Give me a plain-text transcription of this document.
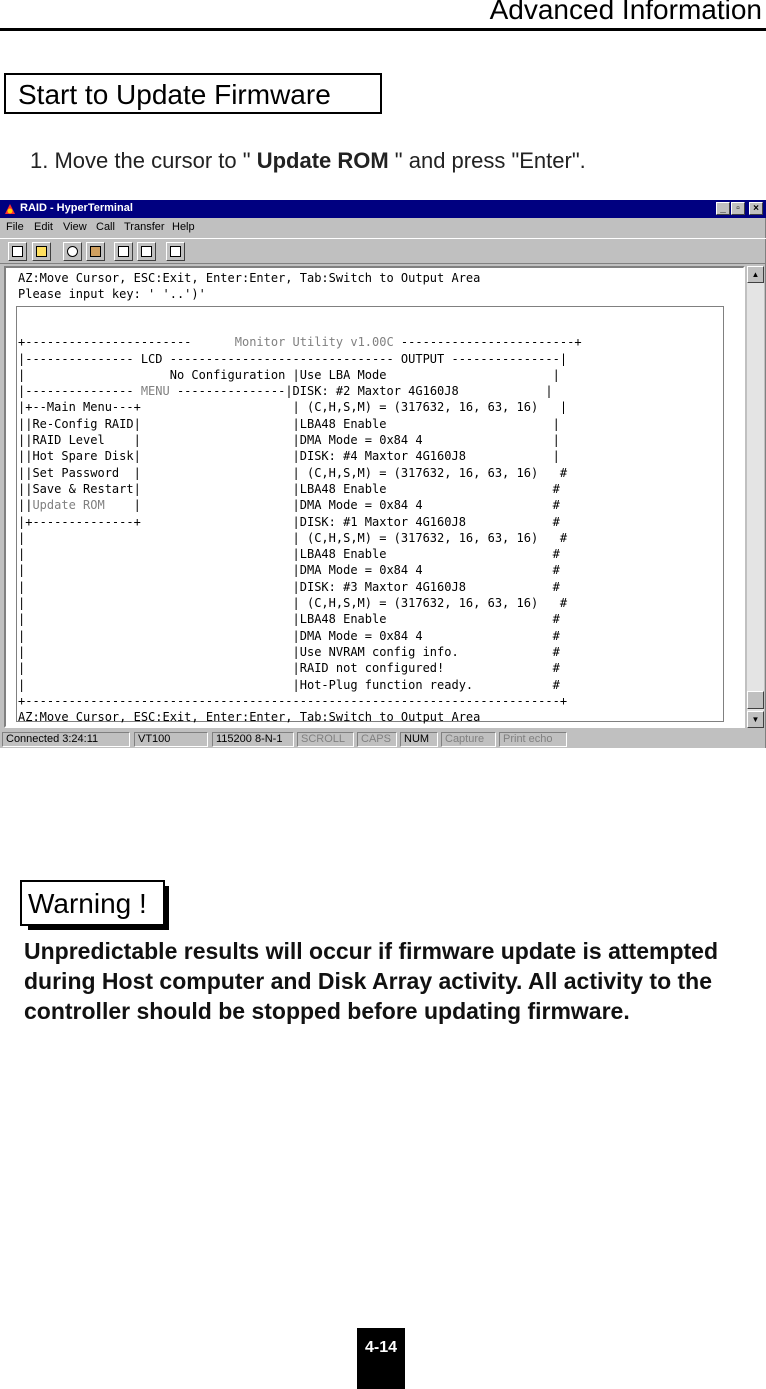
Advanced Information
Start to Update Firmware
1. Move the cursor to " Update ROM " and press "Enter".
RAID - HyperTerminal	_	▫	×
File Edit View Call Transfer Help
AZ:Move Cursor, ESC:Exit, Enter:Enter, Tab:Switch to Output Area
Please input key: ' '..')'

+-----------------------      Monitor Utility v1.00C ------------------------+
|--------------- LCD ------------------------------- OUTPUT ---------------|
|                    No Configuration |Use LBA Mode                       |
|--------------- MENU ---------------|DISK: #2 Maxtor 4G160J8            |
|+--Main Menu---+                     | (C,H,S,M) = (317632, 16, 63, 16)   |
||Re-Config RAID|                     |LBA48 Enable                       |
||RAID Level    |                     |DMA Mode = 0x84 4                  |
||Hot Spare Disk|                     |DISK: #4 Maxtor 4G160J8            |
||Set Password  |                     | (C,H,S,M) = (317632, 16, 63, 16)   #
||Save & Restart|                     |LBA48 Enable                       #
||Update ROM    |                     |DMA Mode = 0x84 4                  #
|+--------------+                     |DISK: #1 Maxtor 4G160J8            #
|                                     | (C,H,S,M) = (317632, 16, 63, 16)   #
|                                     |LBA48 Enable                       #
|                                     |DMA Mode = 0x84 4                  #
|                                     |DISK: #3 Maxtor 4G160J8            #
|                                     | (C,H,S,M) = (317632, 16, 63, 16)   #
|                                     |LBA48 Enable                       #
|                                     |DMA Mode = 0x84 4                  #
|                                     |Use NVRAM config info.             #
|                                     |RAID not configured!               #
|                                     |Hot-Plug function ready.           #
+--------------------------------------------------------------------------+
AZ:Move Cursor, ESC:Exit, Enter:Enter, Tab:Switch to Output Area
▲
▼
Connected 3:24:11	VT100	115200 8-N-1	SCROLL	CAPS	NUM	Capture	Print echo
Warning !
Unpredictable results will occur if firmware update is attempted during Host computer and Disk Array activity. All activity to the controller should be stopped before updating firmware.
4-14
